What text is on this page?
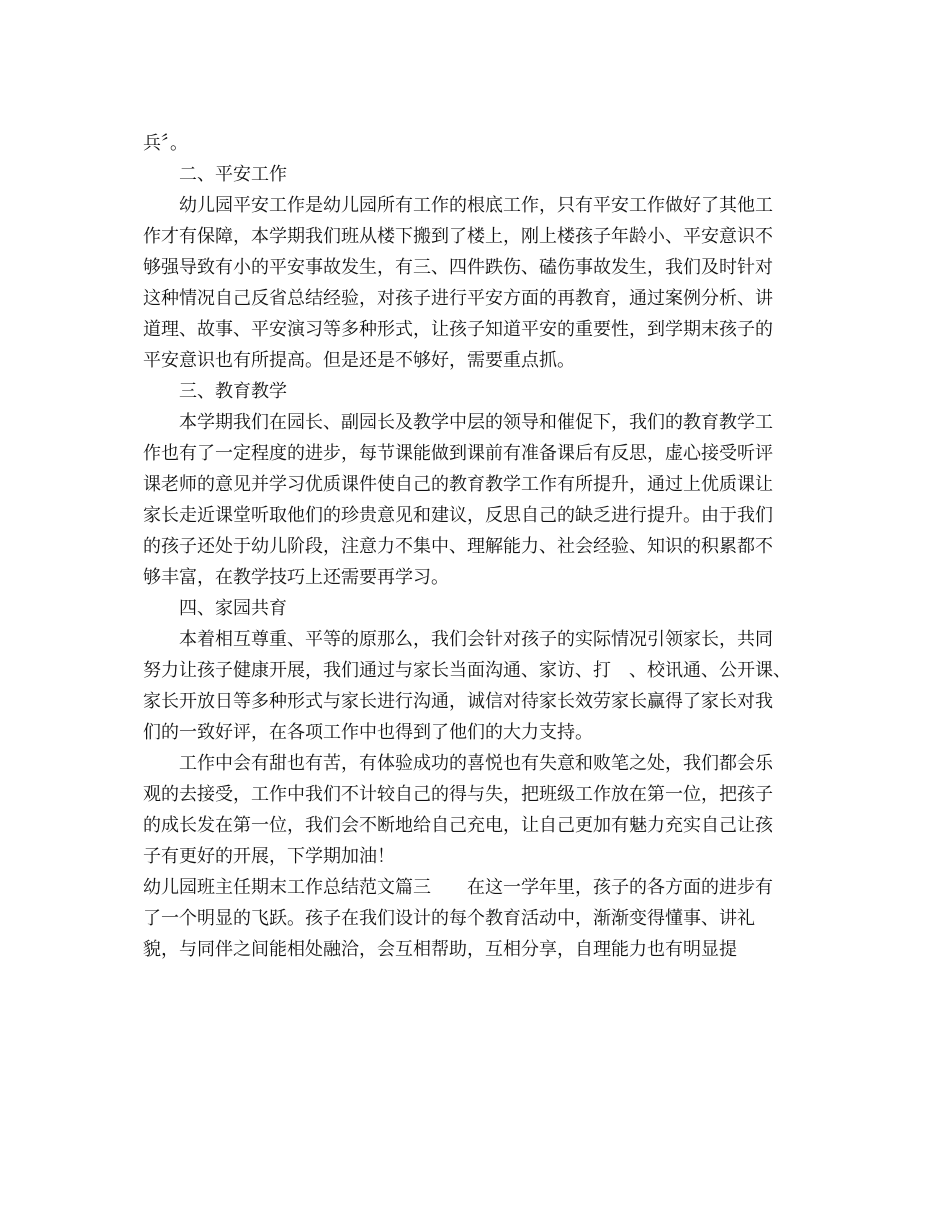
兵〞。

二、平安工作

幼儿园平安工作是幼儿园所有工作的根底工作，只有平安工作做好了其他工

作才有保障，本学期我们班从楼下搬到了楼上，刚上楼孩子年龄小、平安意识不

够强导致有小的平安事故发生，有三、四件跌伤、磕伤事故发生，我们及时针对

这种情况自己反省总结经验，对孩子进行平安方面的再教育，通过案例分析、讲

道理、故事、平安演习等多种形式，让孩子知道平安的重要性，到学期末孩子的

平安意识也有所提高。但是还是不够好，需要重点抓。

三、教育教学

本学期我们在园长、副园长及教学中层的领导和催促下，我们的教育教学工

作也有了一定程度的进步，每节课能做到课前有准备课后有反思，虚心接受听评

课老师的意见并学习优质课件使自己的教育教学工作有所提升，通过上优质课让

家长走近课堂听取他们的珍贵意见和建议，反思自己的缺乏进行提升。由于我们

的孩子还处于幼儿阶段，注意力不集中、理解能力、社会经验、知识的积累都不

够丰富，在教学技巧上还需要再学习。

四、家园共育

本着相互尊重、平等的原那么，我们会针对孩子的实际情况引领家长，共同

努力让孩子健康开展，我们通过与家长当面沟通、家访、打　、校讯通、公开课、

家长开放日等多种形式与家长进行沟通，诚信对待家长效劳家长赢得了家长对我

们的一致好评，在各项工作中也得到了他们的大力支持。

工作中会有甜也有苦，有体验成功的喜悦也有失意和败笔之处，我们都会乐

观的去接受，工作中我们不计较自己的得与失，把班级工作放在第一位，把孩子

的成长发在第一位，我们会不断地给自己充电，让自己更加有魅力充实自己让孩

子有更好的开展，下学期加油！

幼儿园班主任期末工作总结范文篇三　　在这一学年里，孩子的各方面的进步有

了一个明显的飞跃。孩子在我们设计的每个教育活动中，渐渐变得懂事、讲礼

貌，与同伴之间能相处融洽，会互相帮助，互相分享，自理能力也有明显提
